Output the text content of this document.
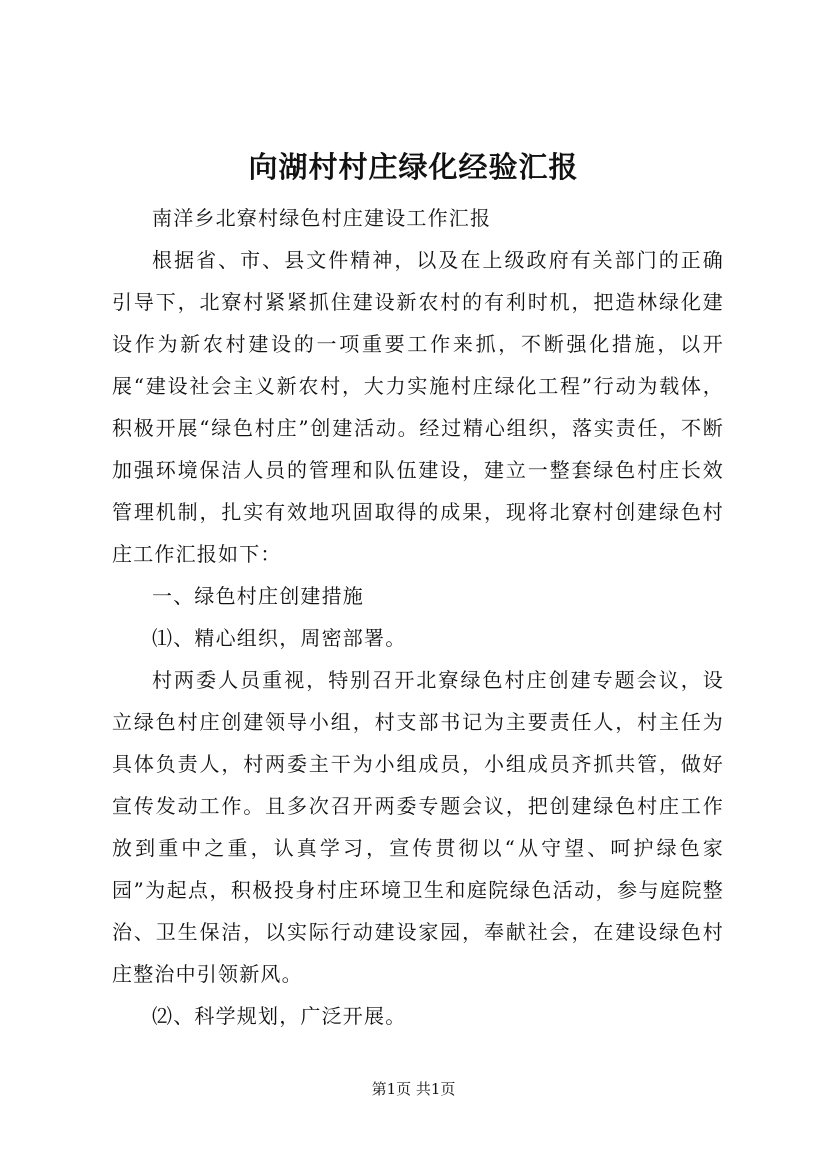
向湖村村庄绿化经验汇报

南洋乡北寮村绿色村庄建设工作汇报

根据省、市、县文件精神，以及在上级政府有关部门的正确引导下，北寮村紧紧抓住建设新农村的有利时机，把造林绿化建设作为新农村建设的一项重要工作来抓，不断强化措施，以开展“建设社会主义新农村，大力实施村庄绿化工程”行动为载体，积极开展“绿色村庄”创建活动。经过精心组织，落实责任，不断加强环境保洁人员的管理和队伍建设，建立一整套绿色村庄长效管理机制，扎实有效地巩固取得的成果，现将北寮村创建绿色村庄工作汇报如下：

一、绿色村庄创建措施

⑴、精心组织，周密部署。

村两委人员重视，特别召开北寮绿色村庄创建专题会议，设立绿色村庄创建领导小组，村支部书记为主要责任人，村主任为具体负责人，村两委主干为小组成员，小组成员齐抓共管，做好宣传发动工作。且多次召开两委专题会议，把创建绿色村庄工作放到重中之重，认真学习，宣传贯彻以“从守望、呵护绿色家园”为起点，积极投身村庄环境卫生和庭院绿色活动，参与庭院整治、卫生保洁，以实际行动建设家园，奉献社会，在建设绿色村庄整治中引领新风。

⑵、科学规划，广泛开展。

第1页 共1页
